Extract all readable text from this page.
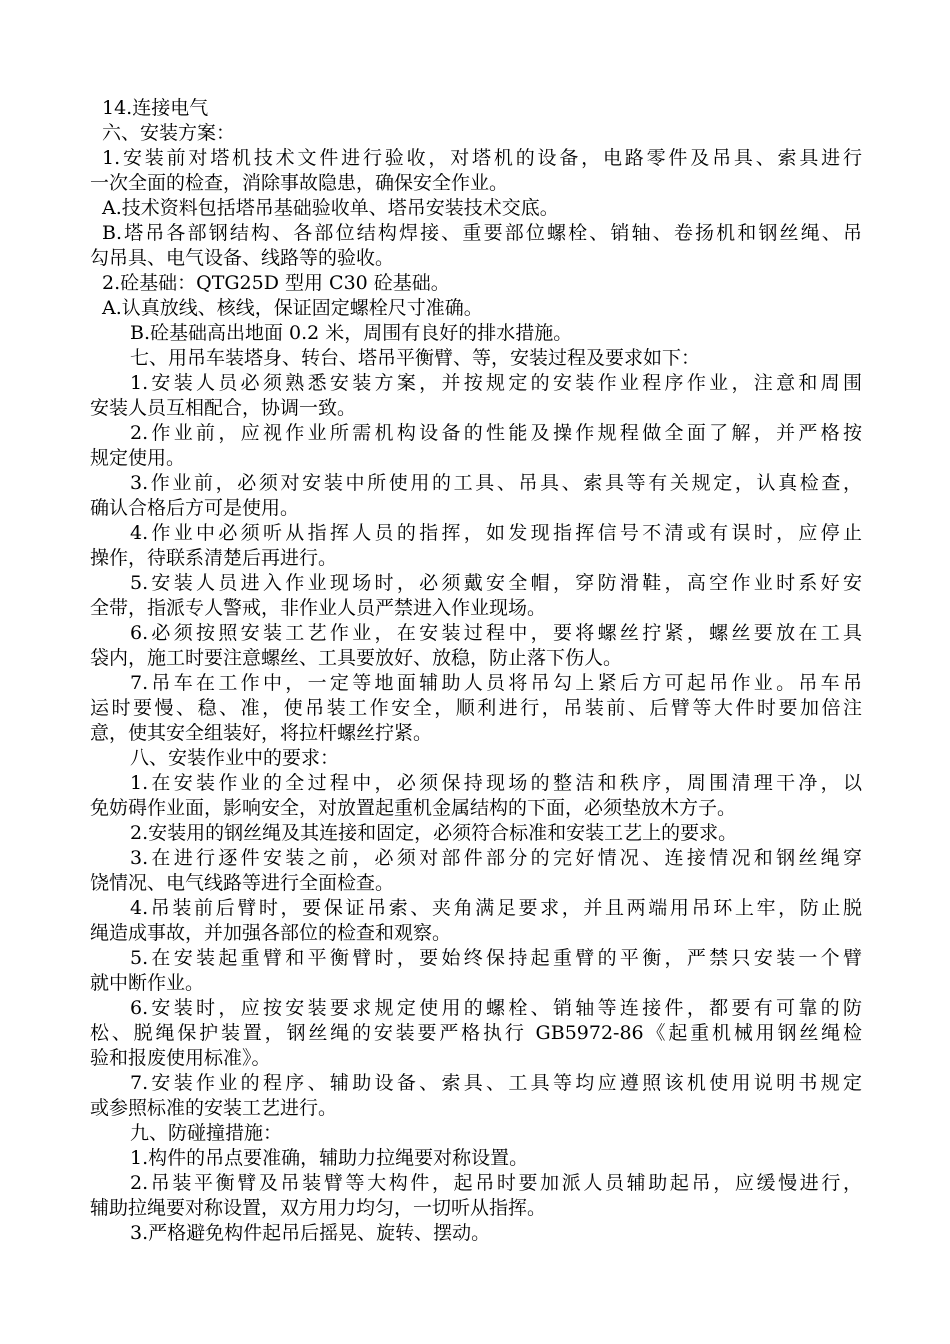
14.连接电气

六、安装方案：

1.安装前对塔机技术文件进行验收，对塔机的设备，电路零件及吊具、索具进行

一次全面的检查，消除事故隐患，确保安全作业。

A.技术资料包括塔吊基础验收单、塔吊安装技术交底。

B.塔吊各部钢结构、各部位结构焊接、重要部位螺栓、销轴、卷扬机和钢丝绳、吊

勾吊具、电气设备、线路等的验收。

2.砼基础：QTG25D 型用 C30 砼基础。

A.认真放线、核线，保证固定螺栓尺寸准确。

B.砼基础高出地面 0.2 米，周围有良好的排水措施。

七、用吊车装塔身、转台、塔吊平衡臂、等，安装过程及要求如下：

1.安装人员必须熟悉安装方案，并按规定的安装作业程序作业，注意和周围

安装人员互相配合，协调一致。

2.作业前，应视作业所需机构设备的性能及操作规程做全面了解，并严格按

规定使用。

3.作业前，必须对安装中所使用的工具、吊具、索具等有关规定，认真检查，

确认合格后方可是使用。

4.作业中必须听从指挥人员的指挥，如发现指挥信号不清或有误时，应停止

操作，待联系清楚后再进行。

5.安装人员进入作业现场时，必须戴安全帽，穿防滑鞋，高空作业时系好安

全带，指派专人警戒，非作业人员严禁进入作业现场。

6.必须按照安装工艺作业，在安装过程中，要将螺丝拧紧，螺丝要放在工具

袋内，施工时要注意螺丝、工具要放好、放稳，防止落下伤人。

7.吊车在工作中，一定等地面辅助人员将吊勾上紧后方可起吊作业。吊车吊

运时要慢、稳、准，使吊装工作安全，顺利进行，吊装前、后臂等大件时要加倍注

意，使其安全组装好，将拉杆螺丝拧紧。

八、安装作业中的要求：

1.在安装作业的全过程中，必须保持现场的整洁和秩序，周围清理干净，以

免妨碍作业面，影响安全，对放置起重机金属结构的下面，必须垫放木方子。

2.安装用的钢丝绳及其连接和固定，必须符合标准和安装工艺上的要求。

3.在进行逐件安装之前，必须对部件部分的完好情况、连接情况和钢丝绳穿

饶情况、电气线路等进行全面检查。

4.吊装前后臂时，要保证吊索、夹角满足要求，并且两端用吊环上牢，防止脱

绳造成事故，并加强各部位的检查和观察。

5.在安装起重臂和平衡臂时，要始终保持起重臂的平衡，严禁只安装一个臂

就中断作业。

6.安装时，应按安装要求规定使用的螺栓、销轴等连接件，都要有可靠的防

松、脱绳保护装置，钢丝绳的安装要严格执行 GB5972-86《起重机械用钢丝绳检

验和报废使用标准》。

7.安装作业的程序、辅助设备、索具、工具等均应遵照该机使用说明书规定

或参照标准的安装工艺进行。

九、防碰撞措施：

1.构件的吊点要准确，辅助力拉绳要对称设置。

2.吊装平衡臂及吊装臂等大构件，起吊时要加派人员辅助起吊，应缓慢进行，

辅助拉绳要对称设置，双方用力均匀，一切听从指挥。

3.严格避免构件起吊后摇晃、旋转、摆动。
